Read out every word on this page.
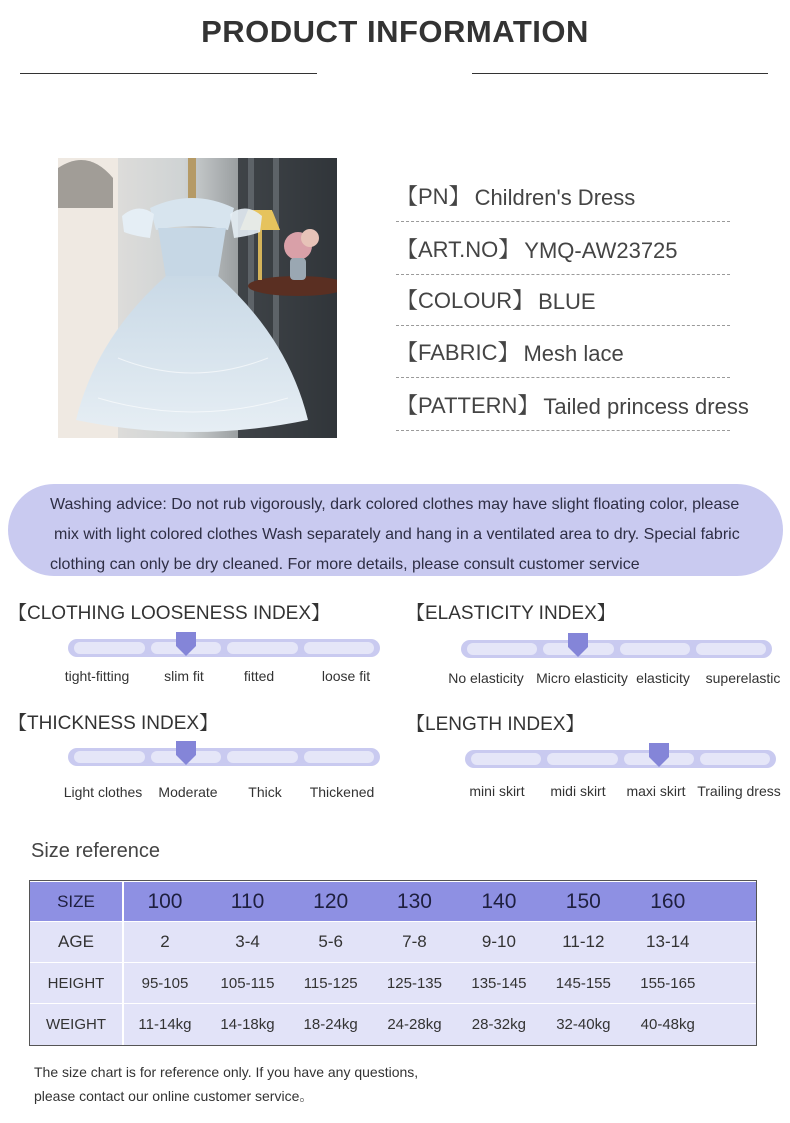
PRODUCT INFORMATION
【PN】 Children's Dress
【ART.NO】 YMQ-AW23725
【COLOUR】 BLUE
【FABRIC】 Mesh lace
【PATTERN】 Tailed princess dress
Washing advice: Do not rub vigorously, dark colored clothes may have slight floating color, please
mix with light colored clothes Wash separately and hang in a ventilated area to dry. Special fabric
clothing can only be dry cleaned. For more details, please consult customer service
【CLOTHING LOOSENESS INDEX】	【ELASTICITY INDEX】
【THICKNESS INDEX】	【LENGTH INDEX】
tight-fitting slim fit	fitted	loose fit	No elasticity Micro elasticity elasticity superelastic
Light clothes Moderate Thick Thickened	mini skirt midi skirt maxi skirt Trailing dress
Size reference
SIZE	100	110	120	130	140	150	160	
AGE	2	3-4	5-6	7-8	9-10	11-12	13-14	
HEIGHT	95-105	105-115	115-125	125-135	135-145	145-155	155-165	
WEIGHT	11-14kg	14-18kg	18-24kg	24-28kg	28-32kg	32-40kg	40-48kg	
The size chart is for reference only. If you have any questions,
please contact our online customer service。
